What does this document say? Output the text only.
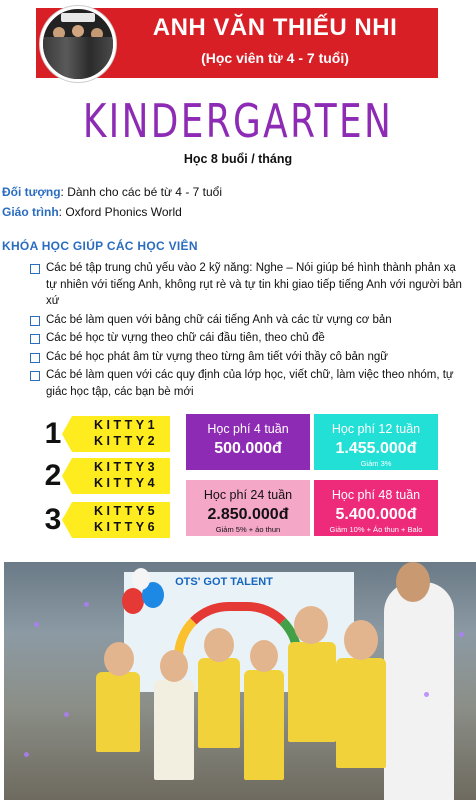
ANH VĂN THIẾU NHI
(Học viên từ 4 - 7 tuổi)
KINDERGARTEN
Học 8 buổi / tháng
Đối tượng: Dành cho các bé từ 4 - 7 tuổi
Giáo trình: Oxford Phonics World
KHÓA HỌC GIÚP CÁC HỌC VIÊN
Các bé tập trung chủ yếu vào 2 kỹ năng: Nghe – Nói giúp bé hình thành phản xạ tự nhiên với tiếng Anh, không rụt rè và tự tin khi giao tiếp tiếng Anh với người bản xứ
Các bé làm quen với bảng chữ cái tiếng Anh và các từ vựng cơ bản
Các bé học từ vựng theo chữ cái đầu tiên, theo chủ đề
Các bé học phát âm từ vựng theo từng âm tiết với thầy cô bản ngữ
Các bé làm quen với các quy định của lớp học, viết chữ, làm việc theo nhóm, tự giác học tập, các bạn bè mới
1	KITTY1
KITTY2
2	KITTY3
KITTY4
3	KITTY5
KITTY6
Học phí 4 tuần
500.000đ
Học phí 12 tuần
1.455.000đ
Giảm 3%
Học phí 24 tuần
2.850.000đ
Giảm 5% + áo thun
Học phí 48 tuần
5.400.000đ
Giảm 10% + Áo thun + Balo
OTS' GOT TALENT
